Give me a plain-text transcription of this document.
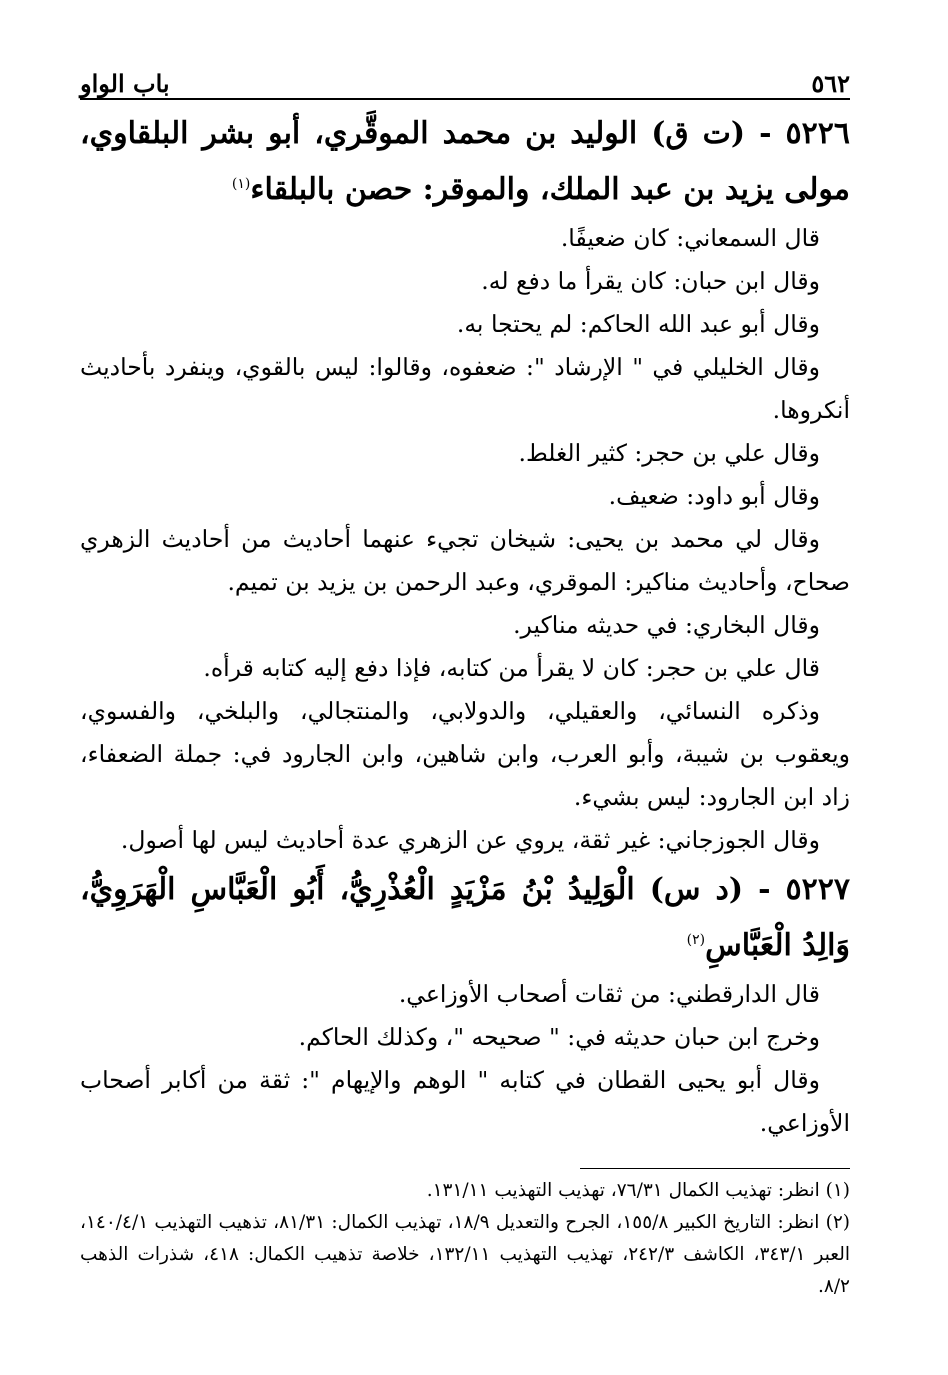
٥٦٢
باب الواو
٥٢٢٦ - (ت ق) الوليد بن محمد الموقَّري، أبو بشر البلقاوي، مولى يزيد بن عبد الملك، والموقر: حصن بالبلقاء$^{(١)}$

قال السمعاني: كان ضعيفًا.

وقال ابن حبان: كان يقرأ ما دفع له.

وقال أبو عبد الله الحاكم: لم يحتجا به.

وقال الخليلي في " الإرشاد ": ضعفوه، وقالوا: ليس بالقوي، وينفرد بأحاديث أنكروها.

وقال علي بن حجر: كثير الغلط.

وقال أبو داود: ضعيف.

وقال لي محمد بن يحيى: شيخان تجيء عنهما أحاديث من أحاديث الزهري صحاح، وأحاديث مناكير: الموقري، وعبد الرحمن بن يزيد بن تميم.

وقال البخاري: في حديثه مناكير.

قال علي بن حجر: كان لا يقرأ من كتابه، فإذا دفع إليه كتابه قرأه.

وذكره النسائي، والعقيلي، والدولابي، والمنتجالي، والبلخي، والفسوي، ويعقوب بن شيبة، وأبو العرب، وابن شاهين، وابن الجارود في: جملة الضعفاء، زاد ابن الجارود: ليس بشيء.

وقال الجوزجاني: غير ثقة، يروي عن الزهري عدة أحاديث ليس لها أصول.

٥٢٢٧ - (د س) الْوَلِيدُ بْنُ مَزْيَدٍ الْعُذْرِيُّ، أَبُو الْعَبَّاسِ الْهَرَوِيُّ، وَالِدُ الْعَبَّاسِ$^{(٢)}$

قال الدارقطني: من ثقات أصحاب الأوزاعي.

وخرج ابن حبان حديثه في: " صحيحه "، وكذلك الحاكم.

وقال أبو يحيى القطان في كتابه " الوهم والإيهام ": ثقة من أكابر أصحاب الأوزاعي.

(١) انظر: تهذيب الكمال ٧٦/٣١، تهذيب التهذيب ١٣١/١١.

(٢) انظر: التاريخ الكبير ١٥٥/٨، الجرح والتعديل ١٨/٩، تهذيب الكمال: ٨١/٣١، تذهيب التهذيب ١٤٠/٤/١، العبر ٣٤٣/١، الكاشف ٢٤٢/٣، تهذيب التهذيب ١٣٢/١١، خلاصة تذهيب الكمال: ٤١٨، شذرات الذهب ٨/٢.
